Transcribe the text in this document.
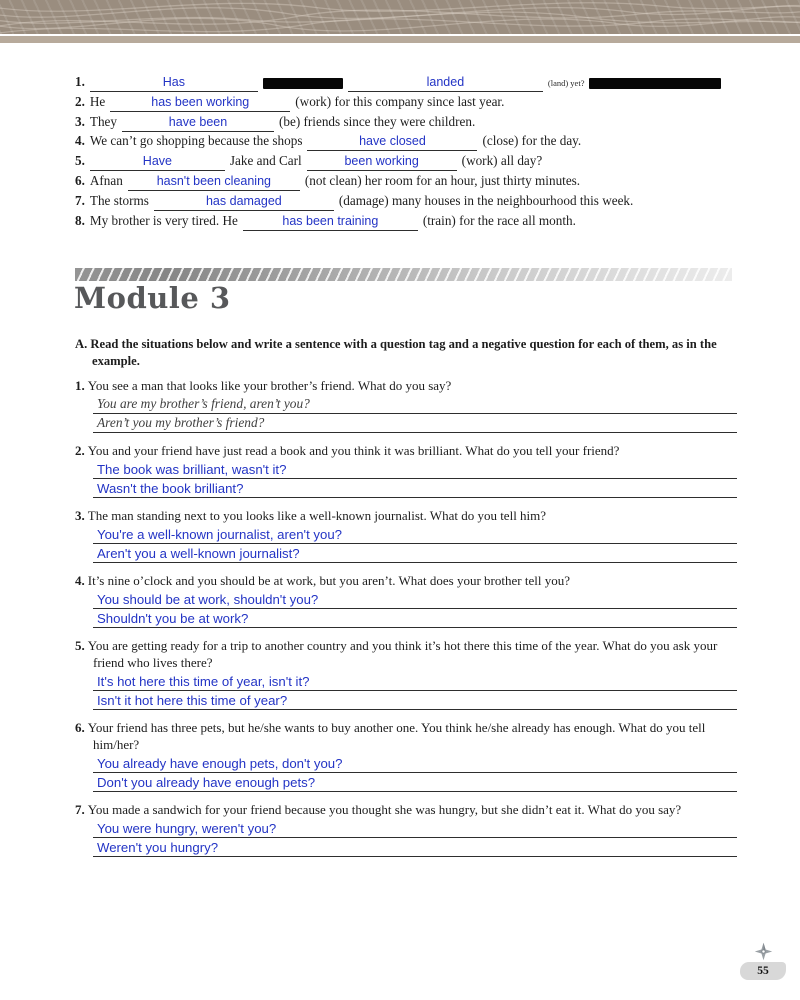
1.	Has	landed	(land) yet?
2. He	has been working	(work) for this company since last year.
3. They	have been	(be) friends since they were children.
4. We can’t go shopping because the shops	have closed	(close) for the day.
5.	Have	Jake and Carl	been working	(work) all day?
6. Afnan	hasn't been cleaning	(not clean) her room for an hour, just thirty minutes.
7. The storms	has damaged	(damage) many houses in the neighbourhood this week.
8. My brother is very tired. He	has been training	(train) for the race all month.
Module 3

A. Read the situations below and write a sentence with a question tag and a negative question for each of them, as in the example.

1. You see a man that looks like your brother’s friend. What do you say?
You are my brother’s friend, aren’t you?
Aren’t you my brother’s friend?
2. You and your friend have just read a book and you think it was brilliant. What do you tell your friend?
The book was brilliant, wasn't it?
Wasn't the book brilliant?
3. The man standing next to you looks like a well-known journalist. What do you tell him?
You're a well-known journalist, aren't you?
Aren't you a well-known journalist?
4. It’s nine o’clock and you should be at work, but you aren’t. What does your brother tell you?
You should be at work, shouldn't you?
Shouldn't you be at work?
5. You are getting ready for a trip to another country and you think it’s hot there this time of the year. What do you ask your friend who lives there?
It's hot here this time of year, isn't it?
Isn't it hot here this time of year?
6. Your friend has three pets, but he/she wants to buy another one. You think he/she already has enough. What do you tell him/her?
You already have enough pets, don't you?
Don't you already have enough pets?
7. You made a sandwich for your friend because you thought she was hungry, but she didn’t eat it. What do you say?
You were hungry, weren't you?
Weren't you hungry?
55
